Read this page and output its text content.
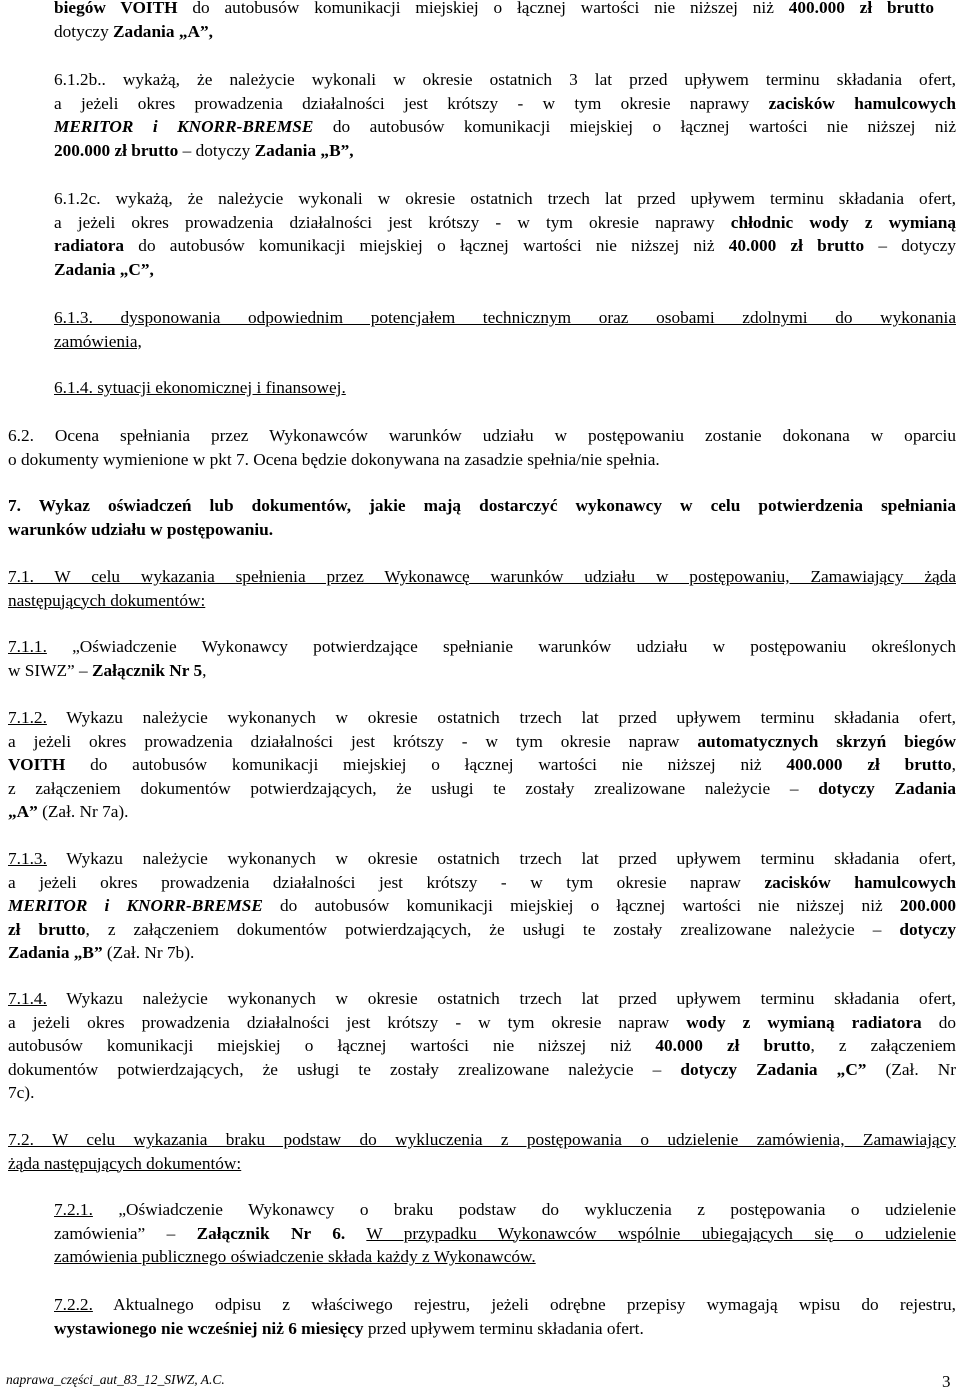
biegów VOITH do autobusów komunikacji miejskiej o łącznej wartości nie niższej niż 400.000 zł brutto
dotyczy Zadania „A”,
6.1.2b.. wykażą, że należycie wykonali w okresie ostatnich 3 lat przed upływem terminu składania ofert,
a jeżeli okres prowadzenia działalności jest krótszy - w tym okresie naprawy zacisków hamulcowych
MERITOR i KNORR-BREMSE do autobusów komunikacji miejskiej o łącznej wartości nie niższej niż
200.000 zł brutto – dotyczy Zadania „B”,
6.1.2c. wykażą, że należycie wykonali w okresie ostatnich trzech lat przed upływem terminu składania ofert,
a jeżeli okres prowadzenia działalności jest krótszy - w tym okresie naprawy chłodnic wody z wymianą
radiatora do autobusów komunikacji miejskiej o łącznej wartości nie niższej niż 40.000 zł brutto – dotyczy
Zadania „C”,
6.1.3. dysponowania odpowiednim potencjałem technicznym oraz osobami zdolnymi do wykonania
zamówienia,
6.1.4. sytuacji ekonomicznej i finansowej.
6.2. Ocena spełniania przez Wykonawców warunków udziału w postępowaniu zostanie dokonana w oparciu
o dokumenty wymienione w pkt 7. Ocena będzie dokonywana na zasadzie spełnia/nie spełnia.
7. Wykaz oświadczeń lub dokumentów, jakie mają dostarczyć wykonawcy w celu potwierdzenia spełniania
warunków udziału w postępowaniu.
7.1. W celu wykazania spełnienia przez Wykonawcę warunków udziału w postępowaniu, Zamawiający żąda
następujących dokumentów:
7.1.1. „Oświadczenie Wykonawcy potwierdzające spełnianie warunków udziału w postępowaniu określonych
w SIWZ” – Załącznik Nr 5,
7.1.2. Wykazu należycie wykonanych w okresie ostatnich trzech lat przed upływem terminu składania ofert,
a jeżeli okres prowadzenia działalności jest krótszy - w tym okresie napraw automatycznych skrzyń biegów
VOITH do autobusów komunikacji miejskiej o łącznej wartości nie niższej niż 400.000 zł brutto,
z załączeniem dokumentów potwierdzających, że usługi te zostały zrealizowane należycie – dotyczy Zadania
„A” (Zał. Nr 7a).
7.1.3. Wykazu należycie wykonanych w okresie ostatnich trzech lat przed upływem terminu składania ofert,
a jeżeli okres prowadzenia działalności jest krótszy - w tym okresie napraw zacisków hamulcowych
MERITOR i KNORR-BREMSE do autobusów komunikacji miejskiej o łącznej wartości nie niższej niż 200.000
zł brutto, z załączeniem dokumentów potwierdzających, że usługi te zostały zrealizowane należycie – dotyczy
Zadania „B” (Zał. Nr 7b).
7.1.4. Wykazu należycie wykonanych w okresie ostatnich trzech lat przed upływem terminu składania ofert,
a jeżeli okres prowadzenia działalności jest krótszy - w tym okresie napraw wody z wymianą radiatora do
autobusów komunikacji miejskiej o łącznej wartości nie niższej niż 40.000 zł brutto, z załączeniem
dokumentów potwierdzających, że usługi te zostały zrealizowane należycie – dotyczy Zadania „C” (Zał. Nr
7c).
7.2. W celu wykazania braku podstaw do wykluczenia z postępowania o udzielenie zamówienia, Zamawiający
żąda następujących dokumentów:
7.2.1. „Oświadczenie Wykonawcy o braku podstaw do wykluczenia z postępowania o udzielenie
zamówienia” – Załącznik Nr 6. W przypadku Wykonawców wspólnie ubiegających się o udzielenie
zamówienia publicznego oświadczenie składa każdy z Wykonawców.
7.2.2. Aktualnego odpisu z właściwego rejestru, jeżeli odrębne przepisy wymagają wpisu do rejestru,
wystawionego nie wcześniej niż 6 miesięcy przed upływem terminu składania ofert.
naprawa_części_aut_83_12_SIWZ, A.C.	3
